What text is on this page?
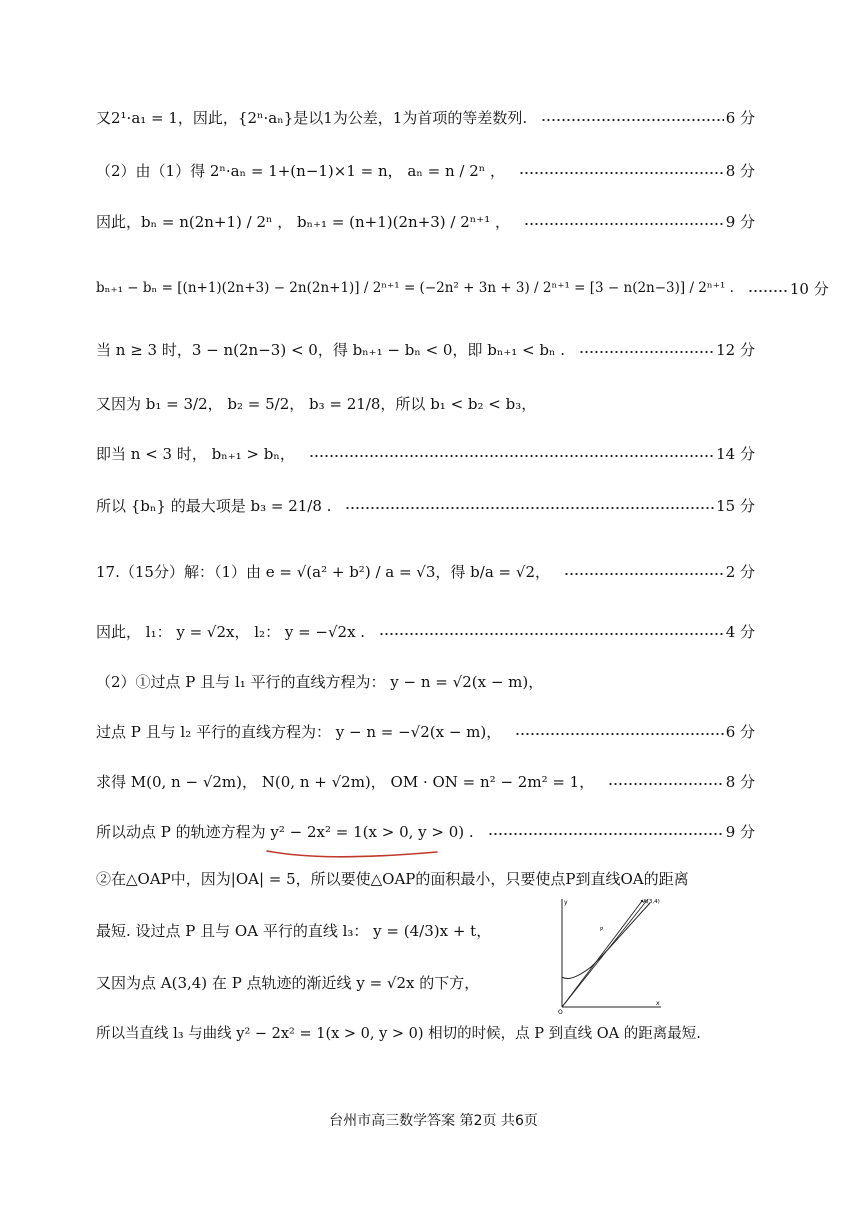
又2¹·a₁ = 1，因此，{2ⁿ·aₙ}是以1为公差，1为首项的等差数列.	6 分
（2）由（1）得 2ⁿ·aₙ = 1+(n−1)×1 = n， aₙ = n / 2ⁿ ，	8 分
因此，bₙ = n(2n+1) / 2ⁿ ， bₙ₊₁ = (n+1)(2n+3) / 2ⁿ⁺¹ ，	9 分
bₙ₊₁ − bₙ = [(n+1)(2n+3) − 2n(2n+1)] / 2ⁿ⁺¹ = (−2n² + 3n + 3) / 2ⁿ⁺¹ = [3 − n(2n−3)] / 2ⁿ⁺¹ .	10 分
当 n ≥ 3 时，3 − n(2n−3) < 0，得 bₙ₊₁ − bₙ < 0，即 bₙ₊₁ < bₙ .	12 分
又因为 b₁ = 3/2， b₂ = 5/2， b₃ = 21/8，所以 b₁ < b₂ < b₃，
即当 n < 3 时， bₙ₊₁ > bₙ，	14 分
所以 {bₙ} 的最大项是 b₃ = 21/8 .	15 分
17.（15分）解：（1）由 e = √(a² + b²) / a = √3，得 b/a = √2，	2 分
因此， l₁： y = √2x， l₂： y = −√2x .	4 分
（2）①过点 P 且与 l₁ 平行的直线方程为： y − n = √2(x − m)，
过点 P 且与 l₂ 平行的直线方程为： y − n = −√2(x − m)，	6 分
求得 M(0, n − √2m)， N(0, n + √2m)， OM · ON = n² − 2m² = 1，	8 分
所以动点 P 的轨迹方程为 y² − 2x² = 1(x > 0, y > 0) .	9 分
②在△OAP中，因为|OA| = 5，所以要使△OAP的面积最小，只要使点P到直线OA的距离
最短. 设过点 P 且与 OA 平行的直线 l₃： y = (4/3)x + t，
又因为点 A(3,4) 在 P 点轨迹的渐近线 y = √2x 的下方，
所以当直线 l₃ 与曲线 y² − 2x² = 1(x > 0, y > 0) 相切的时候，点 P 到直线 OA 的距离最短.
x
y
O
A(3,4)
P
台州市高三数学答案 第2页 共6页
